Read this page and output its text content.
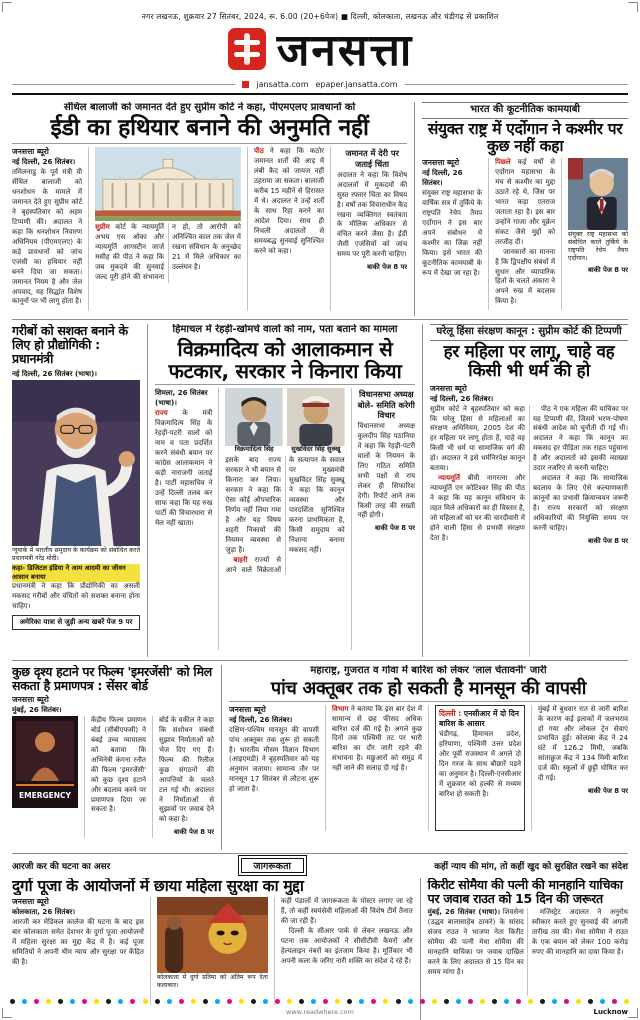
नगर लखनऊ, शुक्रवार 27 सितंबर, 2024, रू. 6.00 (20+6पेज) ■ दिल्ली, कोलकाता, लखनऊ और चंडीगढ़ से प्रकाशित
जनसत्ता
jansatta.com epaper.jansatta.com
सेंथिल बालाजी को जमानत देते हुए सुप्रीम कोर्ट ने कहा, पीएमएलए प्रावधानों को
ईडी का हथियार बनाने की अनुमति नहीं
जनसत्ता ब्यूरो
नई दिल्ली, 26 सितंबर।

तमिलनाडु के पूर्व मंत्री वी सेंथिल बालाजी को धनशोधन के मामले में जमानत देते हुए सुप्रीम कोर्ट ने बृहस्पतिवार को अहम टिप्पणी की। अदालत ने कहा कि धनशोधन निवारण अधिनियम (पीएमएलए) के कड़े प्रावधानों को जांच एजंसी का हथियार नहीं बनने दिया जा सकता। जमानत नियम है और जेल अपवाद, यह सिद्धांत विशेष कानूनों पर भी लागू होता है।

सुप्रीम कोर्ट के न्यायमूर्ति अभय एस ओका और न्यायमूर्ति आगस्टीन जार्ज मसीह की पीठ ने कहा कि जब मुकदमे की सुनवाई जल्द पूरी होने की संभावना न हो, तो आरोपी को अनिश्चित काल तक जेल में रखना संविधान के अनुच्छेद 21 में मिले अधिकार का उल्लंघन है।

पीठ ने कहा कि कठोर जमानत शर्तों की आड़ में लंबी कैद को जायज नहीं ठहराया जा सकता। बालाजी करीब 15 महीने से हिरासत में थे। अदालत ने उन्हें शर्तों के साथ रिहा करने का आदेश दिया। साथ ही निचली अदालतों से समयबद्ध सुनवाई सुनिश्चित करने को कहा।

जमानत में देरी पर जताई चिंता

अदालत ने कहा कि विशेष अदालतों में मुकदमों की सुस्त रफ्तार चिंता का विषय है। वर्षों तक विचाराधीन कैद रखना व्यक्तिगत स्वतंत्रता के मौलिक अधिकार से वंचित करने जैसा है। ईडी जैसी एजंसियों को जांच समय पर पूरी करनी चाहिए।

बाकी पेज 8 पर
भारत की कूटनीतिक कामयाबी
संयुक्त राष्ट्र में एर्दोगान ने कश्मीर पर कुछ नहीं कहा
जनसत्ता ब्यूरो
नई दिल्ली, 26 सितंबर।

संयुक्त राष्ट्र महासभा के वार्षिक सत्र में तुर्किये के राष्ट्रपति रेचेप तैयप एर्दोगान ने इस बार अपने संबोधन में कश्मीर का जिक्र नहीं किया। इसे भारत की कूटनीतिक कामयाबी के रूप में देखा जा रहा है।

पिछले कई वर्षों से एर्दोगान महासभा के मंच से कश्मीर का मुद्दा उठाते रहे थे, जिस पर भारत कड़ा एतराज जताता रहा है। इस बार उन्होंने गाजा और यूक्रेन संकट जैसे मुद्दों को तरजीह दी।

जानकारों का मानना है कि द्विपक्षीय संबंधों में सुधार और व्यापारिक हितों के चलते अंकारा ने अपने रुख में बदलाव किया है।

संयुक्त राष्ट्र महासभा को संबोधित करते तुर्किये के राष्ट्रपति रेचेप तैयप एर्दोगान।
बाकी पेज 8 पर
गरीबों को सशक्त बनाने के लिए हो प्रौद्योगिकी : प्रधानमंत्री
नई दिल्ली, 26 सितंबर (भाषा)।
न्यूयार्क में भारतीय समुदाय के कार्यक्रम को संबोधित करते प्रधानमंत्री नरेंद्र मोदी।
कहा- डिजिटल इंडिया ने आम आदमी का जीवन आसान बनाया

प्रधानमंत्री ने कहा कि प्रौद्योगिकी का असली मकसद गरीबों और वंचितों को सशक्त बनाना होना चाहिए।

अमेरिका यात्रा से जुड़ी अन्य खबरें पेज 9 पर
हिमाचल में रेहड़ी-खोमचे वालों को नाम, पता बताने का मामला
विक्रमादित्य को आलाकमान से फटकार, सरकार ने किनारा किया
शिमला, 26 सितंबर (भाषा)।

राज्य के मंत्री विक्रमादित्य सिंह के रेहड़ी-पटरी वालों को नाम व पता प्रदर्शित करने संबंधी बयान पर कांग्रेस आलाकमान ने कड़ी नाराजगी जताई है। पार्टी महासचिव ने उन्हें दिल्ली तलब कर साफ कहा कि यह रुख पार्टी की विचारधारा से मेल नहीं खाता।

विक्रमादित्य सिंह	सुखविंदर सिंह सुक्खू

इसके बाद राज्य सरकार ने भी बयान से किनारा कर लिया। सरकार ने कहा कि ऐसा कोई औपचारिक निर्णय नहीं लिया गया है और यह विषय शहरी निकायों की नियमन व्यवस्था से जुड़ा है।

बाहरी राज्यों से आने वाले विक्रेताओं के सत्यापन के सवाल पर मुख्यमंत्री सुखविंदर सिंह सुक्खू ने कहा कि कानून व्यवस्था और पारदर्शिता सुनिश्चित करना प्राथमिकता है, किसी समुदाय को निशाना बनाना मकसद नहीं।

विधानसभा अध्यक्ष बोले- समिति करेगी विचार

विधानसभा अध्यक्ष कुलदीप सिंह पठानिया ने कहा कि रेहड़ी-पटरी वालों के नियमन के लिए गठित समिति सभी पक्षों से राय लेकर ही सिफारिश देगी। रिपोर्ट आने तक किसी तरह की सख्ती नहीं होगी।

बाकी पेज 8 पर
घरेलू हिंसा संरक्षण कानून : सुप्रीम कोर्ट की टिप्पणी
हर महिला पर लागू, चाहे वह किसी भी धर्म की हो
जनसत्ता ब्यूरो
नई दिल्ली, 26 सितंबर।

सुप्रीम कोर्ट ने बृहस्पतिवार को कहा कि घरेलू हिंसा से महिलाओं का संरक्षण अधिनियम, 2005 देश की हर महिला पर लागू होता है, चाहे वह किसी भी धर्म या सामाजिक वर्ग की हो। अदालत ने इसे धर्मनिरपेक्ष कानून बताया।

न्यायमूर्ति बीवी नागरत्ना और न्यायमूर्ति एन कोटिश्वर सिंह की पीठ ने कहा कि यह कानून संविधान के तहत मिले अधिकारों का ही विस्तार है, जो महिलाओं को घर की चारदीवारी में होने वाली हिंसा से प्रभावी संरक्षण देता है।

पीठ ने एक महिला की याचिका पर यह टिप्पणी की, जिसमें भरण-पोषण संबंधी आदेश को चुनौती दी गई थी। अदालत ने कहा कि कानून का मकसद हर पीड़िता तक राहत पहुंचाना है और अदालतों को इसकी व्याख्या उदार नजरिए से करनी चाहिए।

अदालत ने कहा कि सामाजिक बदलाव के लिए ऐसे कल्याणकारी कानूनों का प्रभावी क्रियान्वयन जरूरी है। राज्य सरकारों को संरक्षण अधिकारियों की नियुक्ति समय पर करनी चाहिए।

बाकी पेज 8 पर
कुछ दृश्य हटाने पर फिल्म 'इमरजेंसी' को मिल सकता है प्रमाणपत्र : सेंसर बोर्ड
जनसत्ता ब्यूरो
मुंबई, 26 सितंबर।
EMERGENCY

केंद्रीय फिल्म प्रमाणन बोर्ड (सीबीएफसी) ने बंबई उच्च न्यायालय को बताया कि अभिनेत्री कंगना रनौत की फिल्म 'इमरजेंसी' को कुछ दृश्य हटाने और बदलाव करने पर प्रमाणपत्र दिया जा सकता है।

बोर्ड के वकील ने कहा कि संशोधन संबंधी सुझाव निर्माताओं को भेज दिए गए हैं। फिल्म की रिलीज कुछ संगठनों की आपत्तियों के चलते टल गई थी। अदालत ने निर्माताओं से सुझावों पर जवाब देने को कहा है।

बाकी पेज 8 पर
महाराष्ट्र, गुजरात व गोवा में बारिश को लेकर 'लाल चेतावनी' जारी
पांच अक्तूबर तक हो सकती है मानसून की वापसी
जनसत्ता ब्यूरो
नई दिल्ली, 26 सितंबर।

दक्षिण-पश्चिम मानसून की वापसी पांच अक्तूबर तक शुरू हो सकती है। भारतीय मौसम विज्ञान विभाग (आइएमडी) ने बृहस्पतिवार को यह अनुमान जताया। सामान्य तौर पर मानसून 17 सितंबर से लौटना शुरू हो जाता है।

विभाग ने बताया कि इस बार देश में सामान्य से छह फीसद अधिक बारिश दर्ज की गई है। अगले कुछ दिनों तक पश्चिमी तट पर भारी बारिश का दौर जारी रहने की संभावना है। मछुआरों को समुद्र में नहीं जाने की सलाह दी गई है।

दिल्ली : एनसीआर में दो दिन बारिश के आसार

चंडीगढ़, हिमाचल प्रदेश, हरियाणा, पश्चिमी उत्तर प्रदेश और पूर्वी राजस्थान में अगले दो दिन गरज के साथ बौछारें पड़ने का अनुमान है। दिल्ली-एनसीआर में शुक्रवार को हल्की से मध्यम बारिश हो सकती है।

मुंबई में बुधवार रात से जारी बारिश के कारण कई इलाकों में जलभराव हो गया और लोकल ट्रेन सेवाएं प्रभावित हुईं। कोलाबा केंद्र ने 24 घंटे में 126.2 मिमी, जबकि सांताक्रुज केंद्र ने 134 मिमी बारिश दर्ज की। स्कूलों में छुट्टी घोषित कर दी गई।

बाकी पेज 8 पर
आरजी कर की घटना का असर	जागरूकता	कहीं न्याय की मांग, तो कहीं खुद को सुरक्षित रखने का संदेश
दुर्गा पूजा के आयोजनों में छाया महिला सुरक्षा का मुद्दा
जनसत्ता ब्यूरो
कोलकाता, 26 सितंबर।

आरजी कर मेडिकल कालेज की घटना के बाद इस बार कोलकाता समेत देशभर के दुर्गा पूजा आयोजनों में महिला सुरक्षा का मुद्दा केंद्र में है। कई पूजा समितियों ने अपनी थीम न्याय और सुरक्षा पर केंद्रित की है।

कोलकाता में दुर्गा प्रतिमा को अंतिम रूप देता कलाकार।

कहीं पंडालों में जागरूकता के पोस्टर लगाए जा रहे हैं, तो कहीं स्वयंसेवी महिलाओं की विशेष टीमें तैनात की जा रही हैं।

दिल्ली के सीआर पार्क से लेकर लखनऊ और पटना तक आयोजकों ने सीसीटीवी कैमरों और हेल्पलाइन नंबरों का इंतजाम किया है। मूर्तिकार भी अपनी कला के जरिए नारी शक्ति का संदेश दे रहे हैं।

किरीट सोमैया की पत्नी की मानहानि याचिका पर जवाब राउत को 15 दिन की जरूरत

मुंबई, 26 सितंबर (भाषा)। शिवसेना (उद्धव बालासाहेब ठाकरे) के सांसद संजय राउत ने भाजपा नेता किरीट सोमैया की पत्नी मेधा सोमैया की मानहानि याचिका पर जवाब दाखिल करने के लिए अदालत से 15 दिन का समय मांगा है।

मजिस्ट्रेट अदालत ने अनुरोध स्वीकार करते हुए सुनवाई की अगली तारीख तय की। मेधा सोमैया ने राउत के एक बयान को लेकर 100 करोड़ रुपए की मानहानि का दावा किया है।

www.readwhere.com	Lucknow
